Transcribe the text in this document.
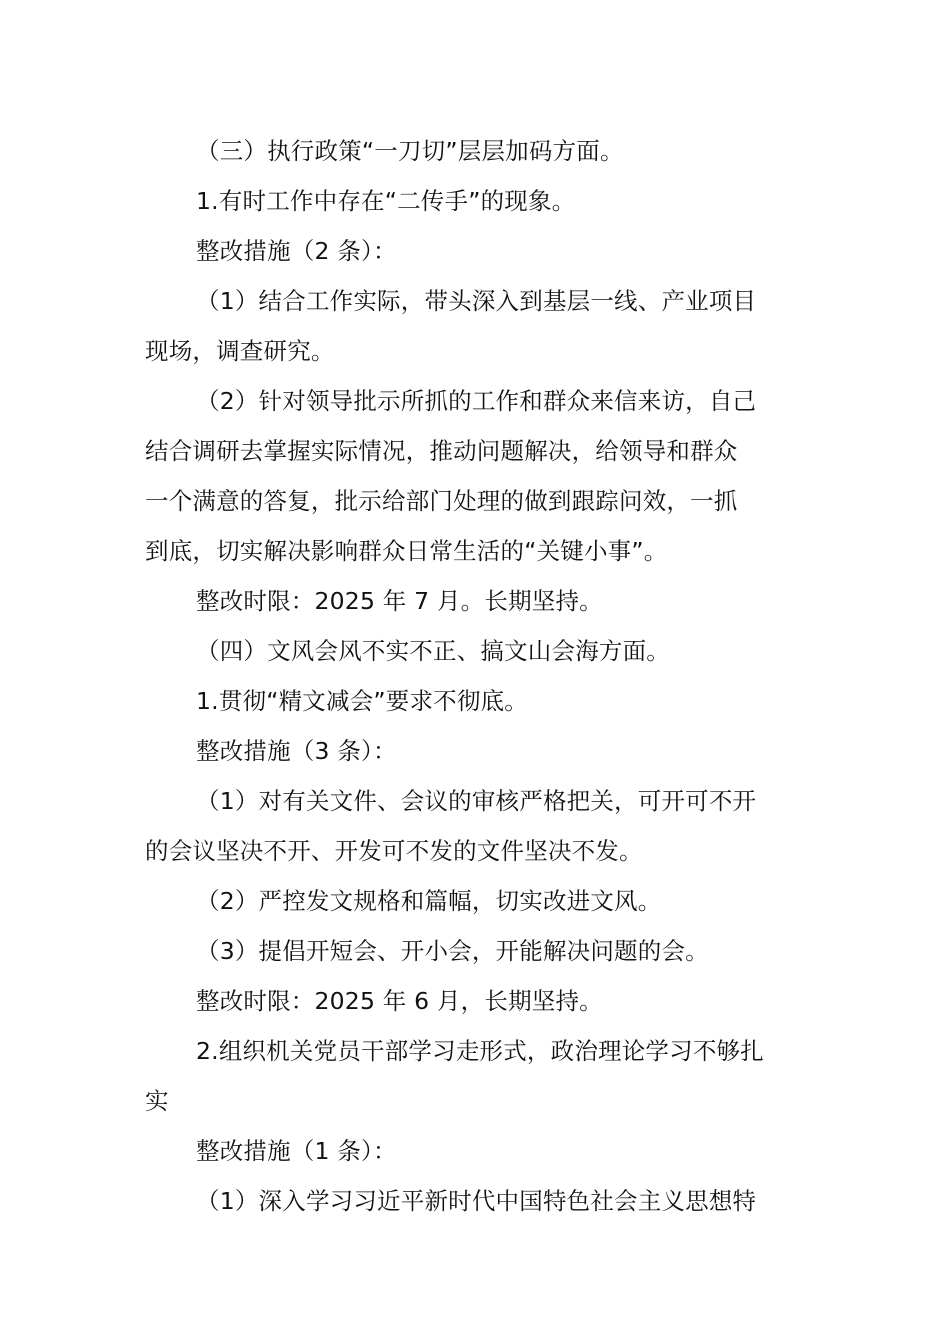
（三）执行政策“一刀切”层层加码方面。

1.有时工作中存在“二传手”的现象。

整改措施（2 条）：

（1）结合工作实际，带头深入到基层一线、产业项目
现场，调查研究。

（2）针对领导批示所抓的工作和群众来信来访，自己
结合调研去掌握实际情况，推动问题解决，给领导和群众
一个满意的答复，批示给部门处理的做到跟踪问效，一抓
到底，切实解决影响群众日常生活的“关键小事”。

整改时限：2025 年 7 月。长期坚持。

（四）文风会风不实不正、搞文山会海方面。

1.贯彻“精文减会”要求不彻底。

整改措施（3 条）：

（1）对有关文件、会议的审核严格把关，可开可不开
的会议坚决不开、开发可不发的文件坚决不发。

（2）严控发文规格和篇幅，切实改进文风。

（3）提倡开短会、开小会，开能解决问题的会。

整改时限：2025 年 6 月，长期坚持。

2.组织机关党员干部学习走形式，政治理论学习不够扎
实

整改措施（1 条）：

（1）深入学习习近平新时代中国特色社会主义思想特
